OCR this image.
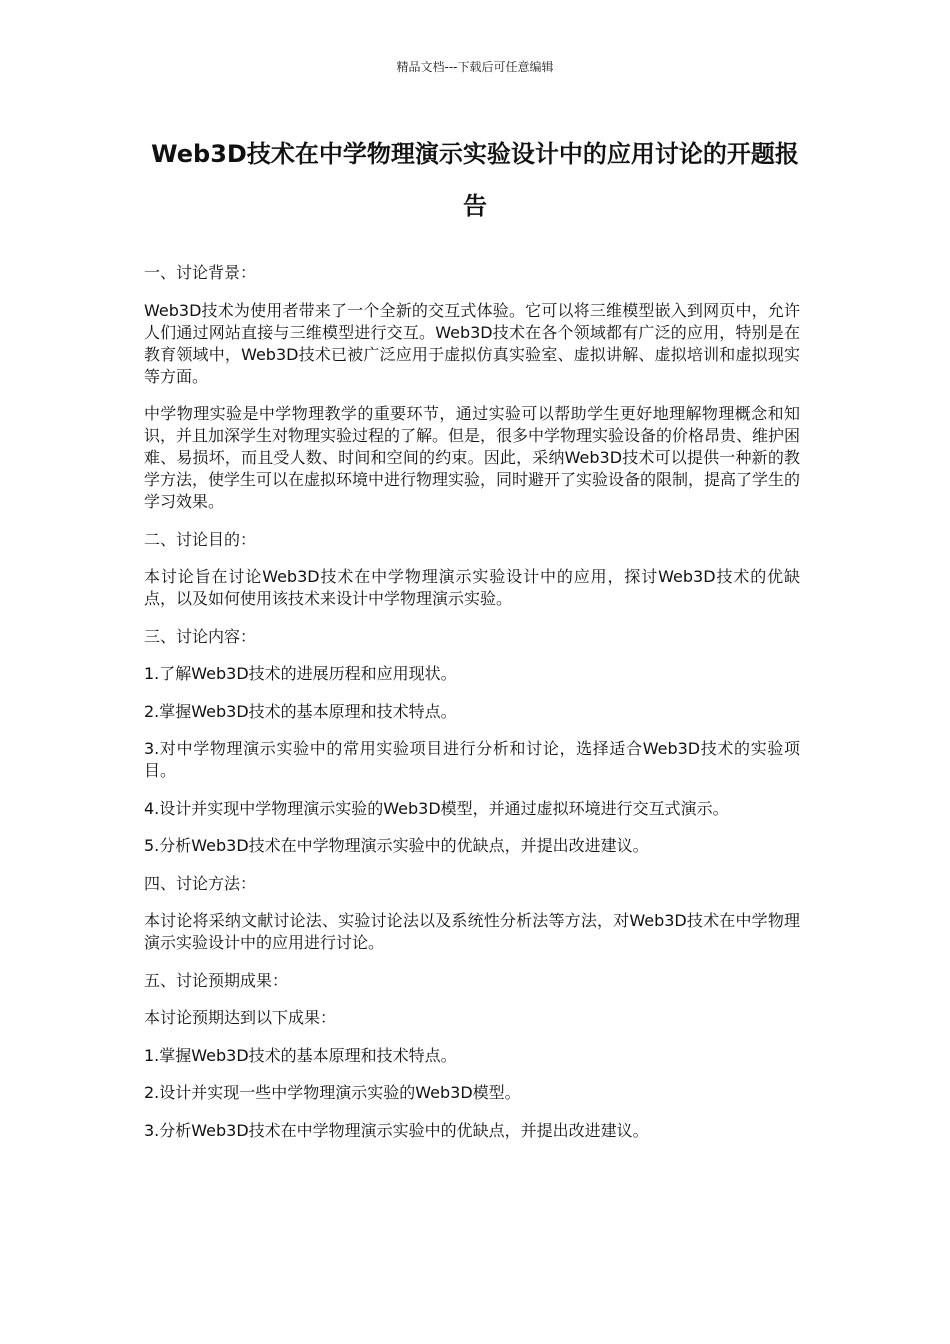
精品文档---下载后可任意编辑
Web3D技术在中学物理演示实验设计中的应用讨论的开题报告

一、讨论背景：

Web3D技术为使用者带来了一个全新的交互式体验。它可以将三维模型嵌入到网页中，允许人们通过网站直接与三维模型进行交互。Web3D技术在各个领域都有广泛的应用，特别是在教育领域中，Web3D技术已被广泛应用于虚拟仿真实验室、虚拟讲解、虚拟培训和虚拟现实等方面。

中学物理实验是中学物理教学的重要环节，通过实验可以帮助学生更好地理解物理概念和知识，并且加深学生对物理实验过程的了解。但是，很多中学物理实验设备的价格昂贵、维护困难、易损坏，而且受人数、时间和空间的约束。因此，采纳Web3D技术可以提供一种新的教学方法，使学生可以在虚拟环境中进行物理实验，同时避开了实验设备的限制，提高了学生的学习效果。

二、讨论目的：

本讨论旨在讨论Web3D技术在中学物理演示实验设计中的应用，探讨Web3D技术的优缺点，以及如何使用该技术来设计中学物理演示实验。

三、讨论内容：

1.了解Web3D技术的进展历程和应用现状。

2.掌握Web3D技术的基本原理和技术特点。

3.对中学物理演示实验中的常用实验项目进行分析和讨论，选择适合Web3D技术的实验项目。

4.设计并实现中学物理演示实验的Web3D模型，并通过虚拟环境进行交互式演示。

5.分析Web3D技术在中学物理演示实验中的优缺点，并提出改进建议。

四、讨论方法：

本讨论将采纳文献讨论法、实验讨论法以及系统性分析法等方法，对Web3D技术在中学物理演示实验设计中的应用进行讨论。

五、讨论预期成果：

本讨论预期达到以下成果：

1.掌握Web3D技术的基本原理和技术特点。

2.设计并实现一些中学物理演示实验的Web3D模型。

3.分析Web3D技术在中学物理演示实验中的优缺点，并提出改进建议。
